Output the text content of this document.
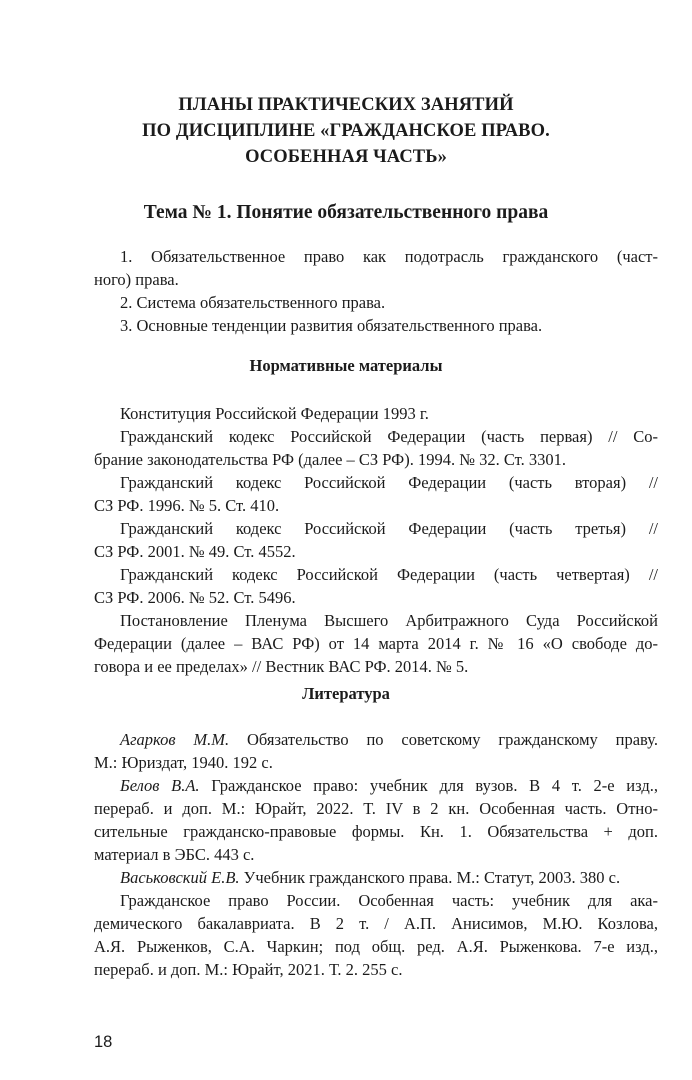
ПЛАНЫ ПРАКТИЧЕСКИХ ЗАНЯТИЙ
ПО ДИСЦИПЛИНЕ «ГРАЖДАНСКОЕ ПРАВО.
ОСОБЕННАЯ ЧАСТЬ»
Тема № 1. Понятие обязательственного права
1. Обязательственное право как подотрасль гражданского (част-
ного) права.
2. Система обязательственного права.
3. Основные тенденции развития обязательственного права.
Нормативные материалы
Конституция Российской Федерации 1993 г.
Гражданский кодекс Российской Федерации (часть первая) // Со-
брание законодательства РФ (далее – СЗ РФ). 1994. № 32. Ст. 3301.
Гражданский кодекс Российской Федерации (часть вторая) //
СЗ РФ. 1996. № 5. Ст. 410.
Гражданский кодекс Российской Федерации (часть третья) //
СЗ РФ. 2001. № 49. Ст. 4552.
Гражданский кодекс Российской Федерации (часть четвертая) //
СЗ РФ. 2006. № 52. Ст. 5496.
Постановление Пленума Высшего Арбитражного Суда Российской
Федерации (далее – ВАС РФ) от 14 марта 2014 г. № 16 «О свободе до-
говора и ее пределах» // Вестник ВАС РФ. 2014. № 5.
Литература
Агарков М.М. Обязательство по советскому гражданскому праву.
М.: Юриздат, 1940. 192 с.
Белов В.А. Гражданское право: учебник для вузов. В 4 т. 2-е изд.,
перераб. и доп. М.: Юрайт, 2022. Т. IV в 2 кн. Особенная часть. Отно-
сительные гражданско-правовые формы. Кн. 1. Обязательства + доп.
материал в ЭБС. 443 с.
Васьковский Е.В. Учебник гражданского права. М.: Статут, 2003. 380 с.
Гражданское право России. Особенная часть: учебник для ака-
демического бакалавриата. В 2 т. / А.П. Анисимов, М.Ю. Козлова,
А.Я. Рыженков, С.А. Чаркин; под общ. ред. А.Я. Рыженкова. 7-е изд.,
перераб. и доп. М.: Юрайт, 2021. Т. 2. 255 с.
18
